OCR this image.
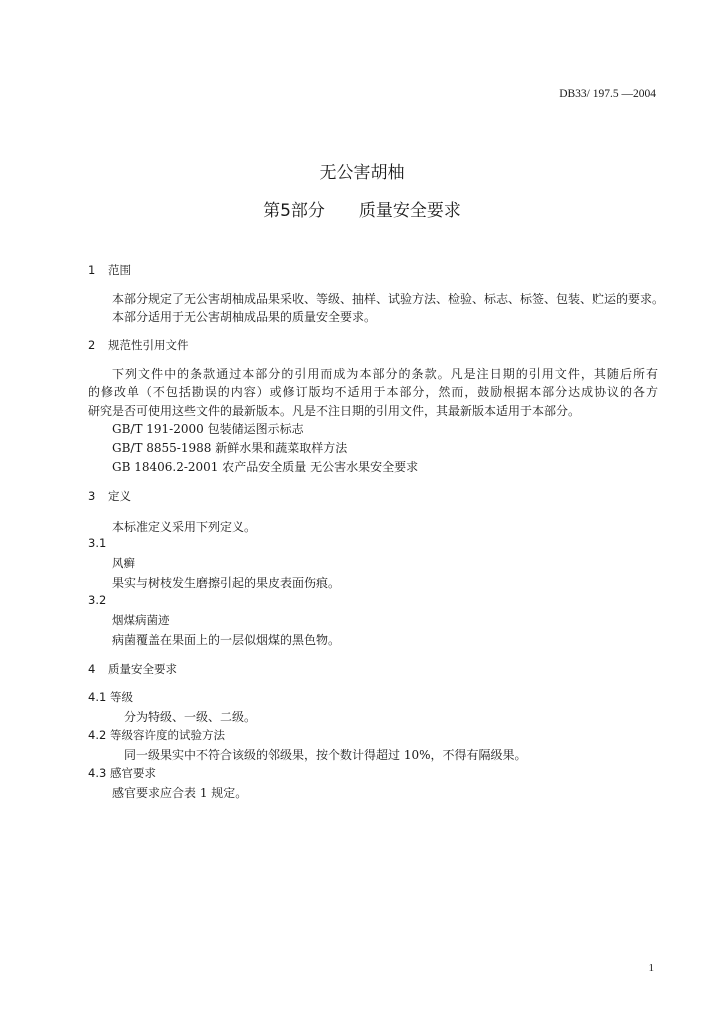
DB33/ 197.5 —2004
无公害胡柚
第5部分 质量安全要求
1 范围
本部分规定了无公害胡柚成品果采收、等级、抽样、试验方法、检验、标志、标签、包装、贮运的要求。
本部分适用于无公害胡柚成品果的质量安全要求。
2 规范性引用文件
下列文件中的条款通过本部分的引用而成为本部分的条款。凡是注日期的引用文件，其随后所有
的修改单（不包括勘误的内容）或修订版均不适用于本部分，然而，鼓励根据本部分达成协议的各方
研究是否可使用这些文件的最新版本。凡是不注日期的引用文件，其最新版本适用于本部分。
GB/T 191-2000 包装储运图示标志
GB/T 8855-1988 新鲜水果和蔬菜取样方法
GB 18406.2-2001 农产品安全质量 无公害水果安全要求
3 定义
本标准定义采用下列定义。
3.1
风癣
果实与树枝发生磨擦引起的果皮表面伤痕。
3.2
烟煤病菌迹
病菌覆盖在果面上的一层似烟煤的黑色物。
4 质量安全要求
4.1 等级
分为特级、一级、二级。
4.2 等级容许度的试验方法
同一级果实中不符合该级的邻级果，按个数计得超过 10%，不得有隔级果。
4.3 感官要求
感官要求应合表 1 规定。
1
